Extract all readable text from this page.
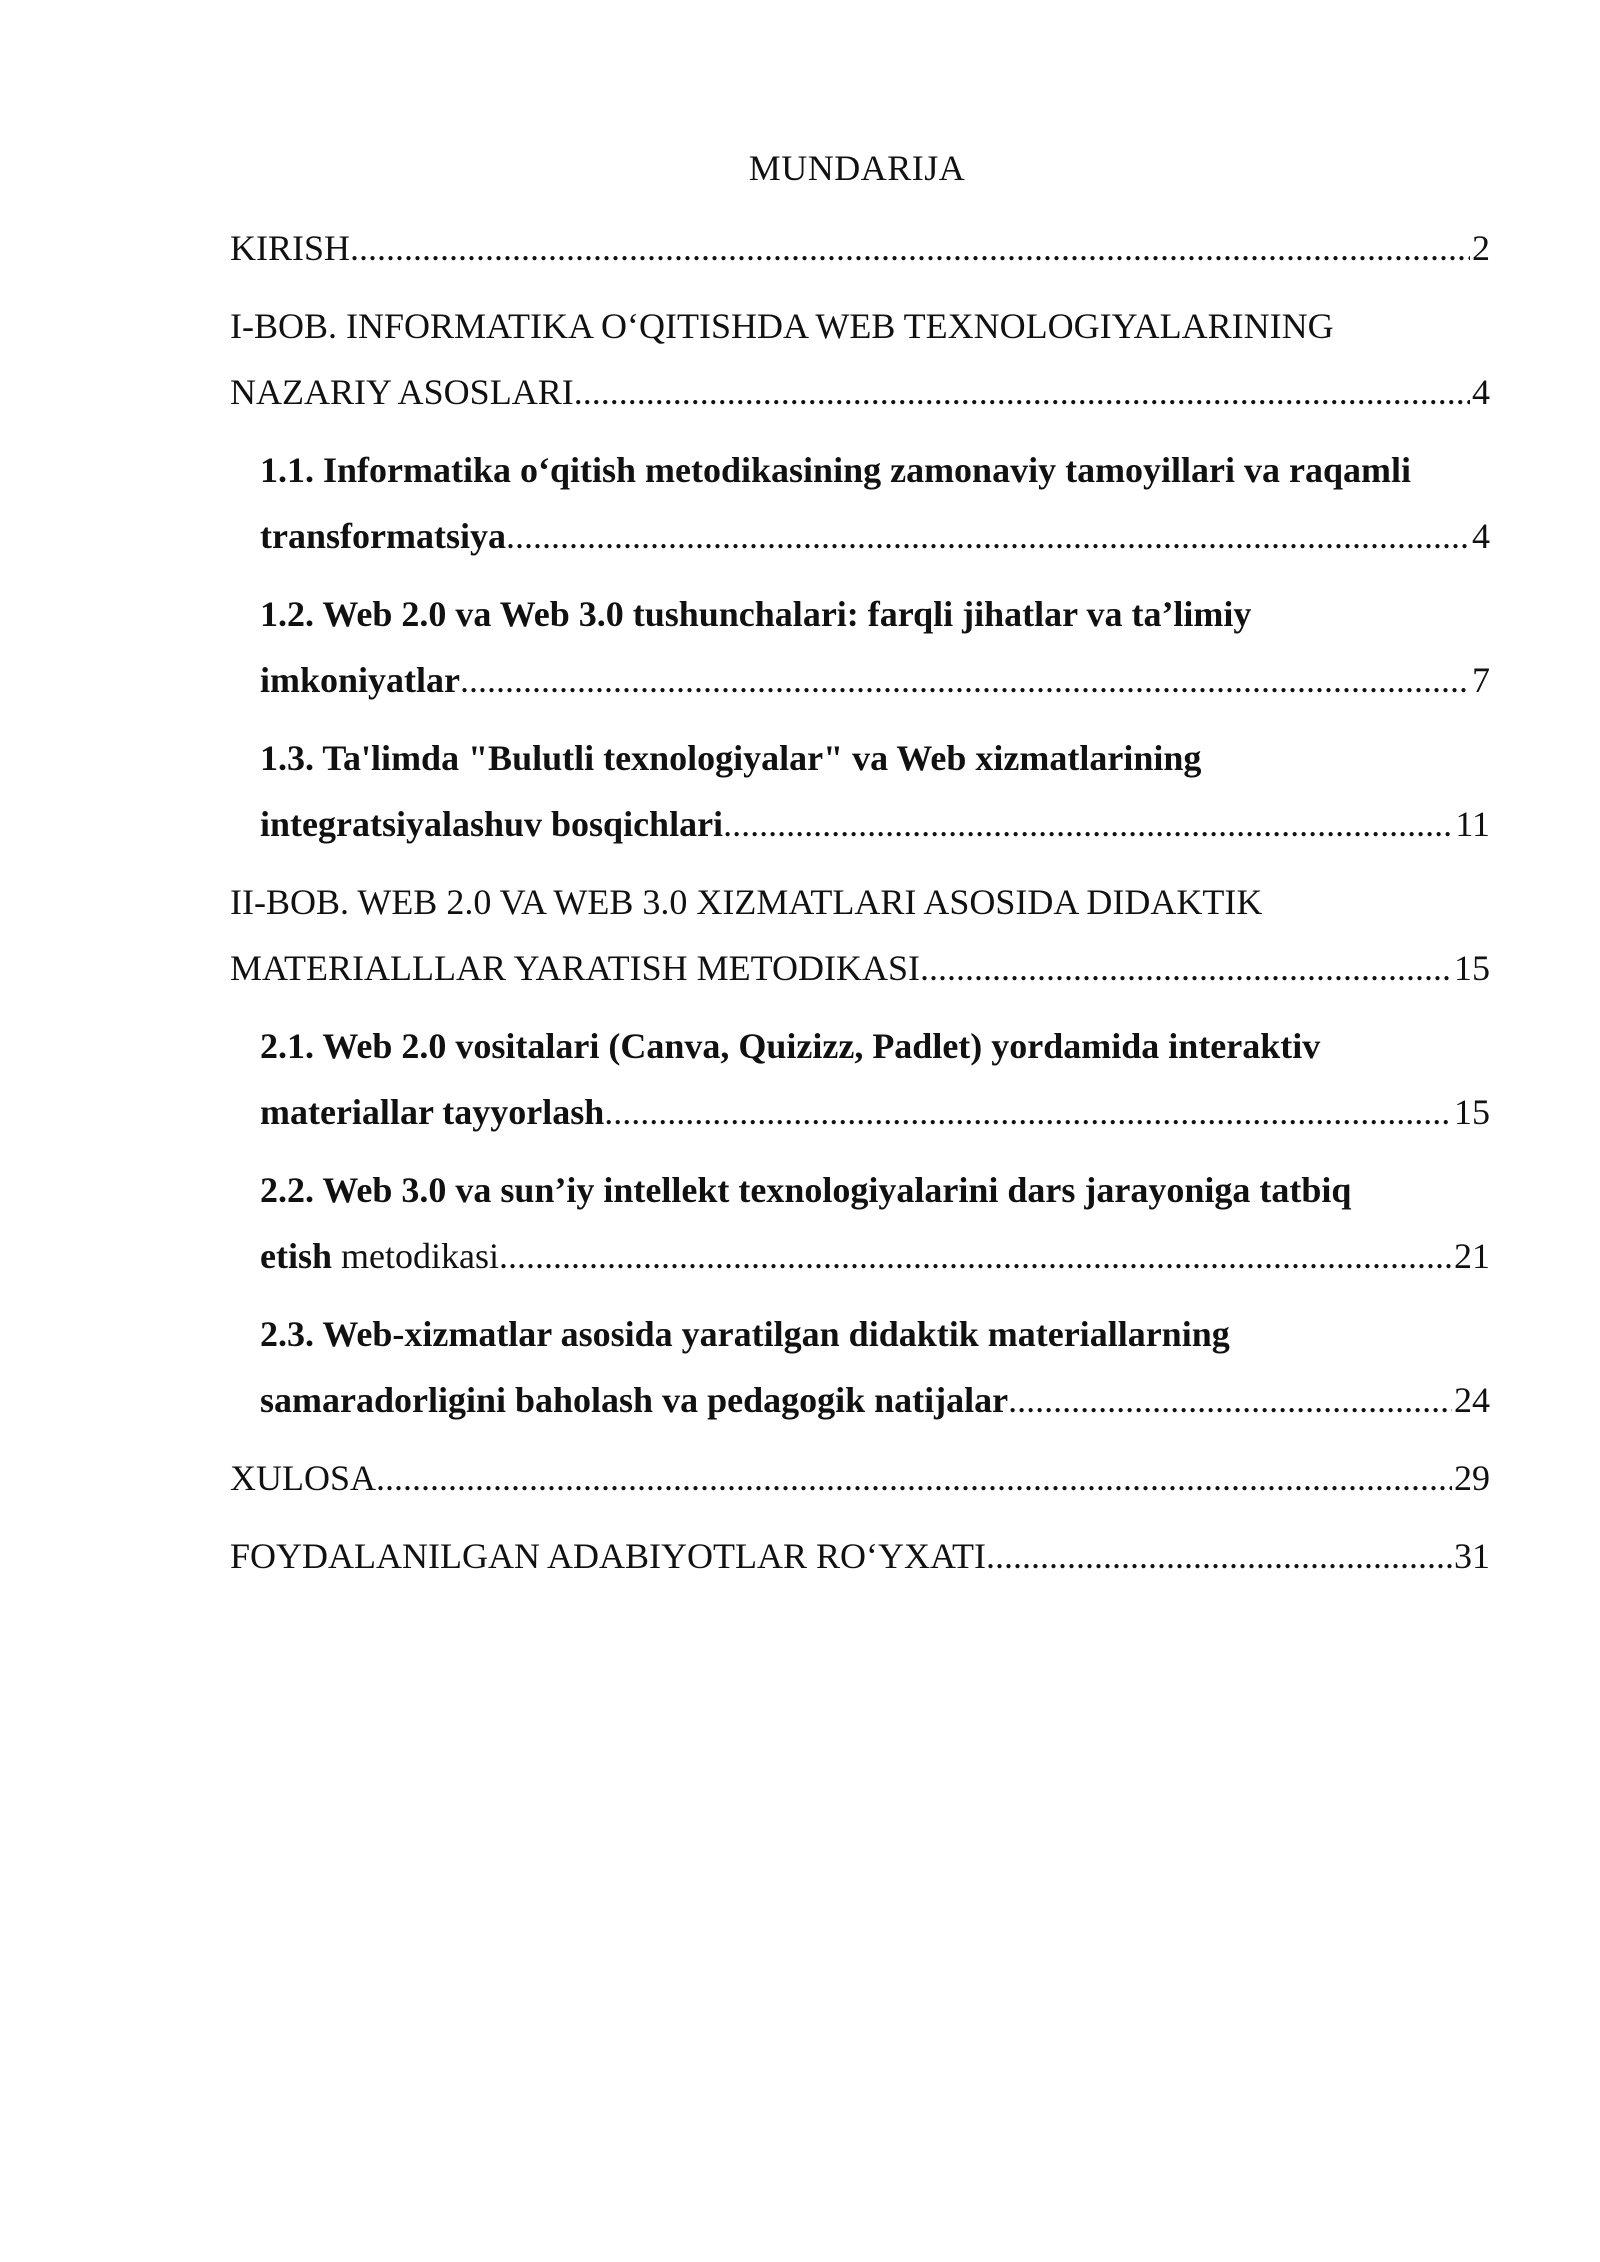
MUNDARIJA
KIRISH .....	2
I-BOB. INFORMATIKA O‘QITISHDA WEB TEXNOLOGIYALARINING
NAZARIY ASOSLARI .....	4
1.1. Informatika o‘qitish metodikasining zamonaviy tamoyillari va raqamli
transformatsiya .....	4
1.2. Web 2.0 va Web 3.0 tushunchalari: farqli jihatlar va ta’limiy
imkoniyatlar .....	7
1.3. Ta'limda "Bulutli texnologiyalar" va Web xizmatlarining
integratsiyalashuv bosqichlari .....	11
II-BOB. WEB 2.0 VA WEB 3.0 XIZMATLARI ASOSIDA DIDAKTIK
MATERIALLLAR YARATISH METODIKASI .....	15
2.1. Web 2.0 vositalari (Canva, Quizizz, Padlet) yordamida interaktiv
materiallar tayyorlash .....	15
2.2. Web 3.0 va sun’iy intellekt texnologiyalarini dars jarayoniga tatbiq
etish metodikasi .....	21
2.3. Web-xizmatlar asosida yaratilgan didaktik materiallarning
samaradorligini baholash va pedagogik natijalar .....	24
XULOSA .....	29
FOYDALANILGAN ADABIYOTLAR RO‘YXATI .....	31
